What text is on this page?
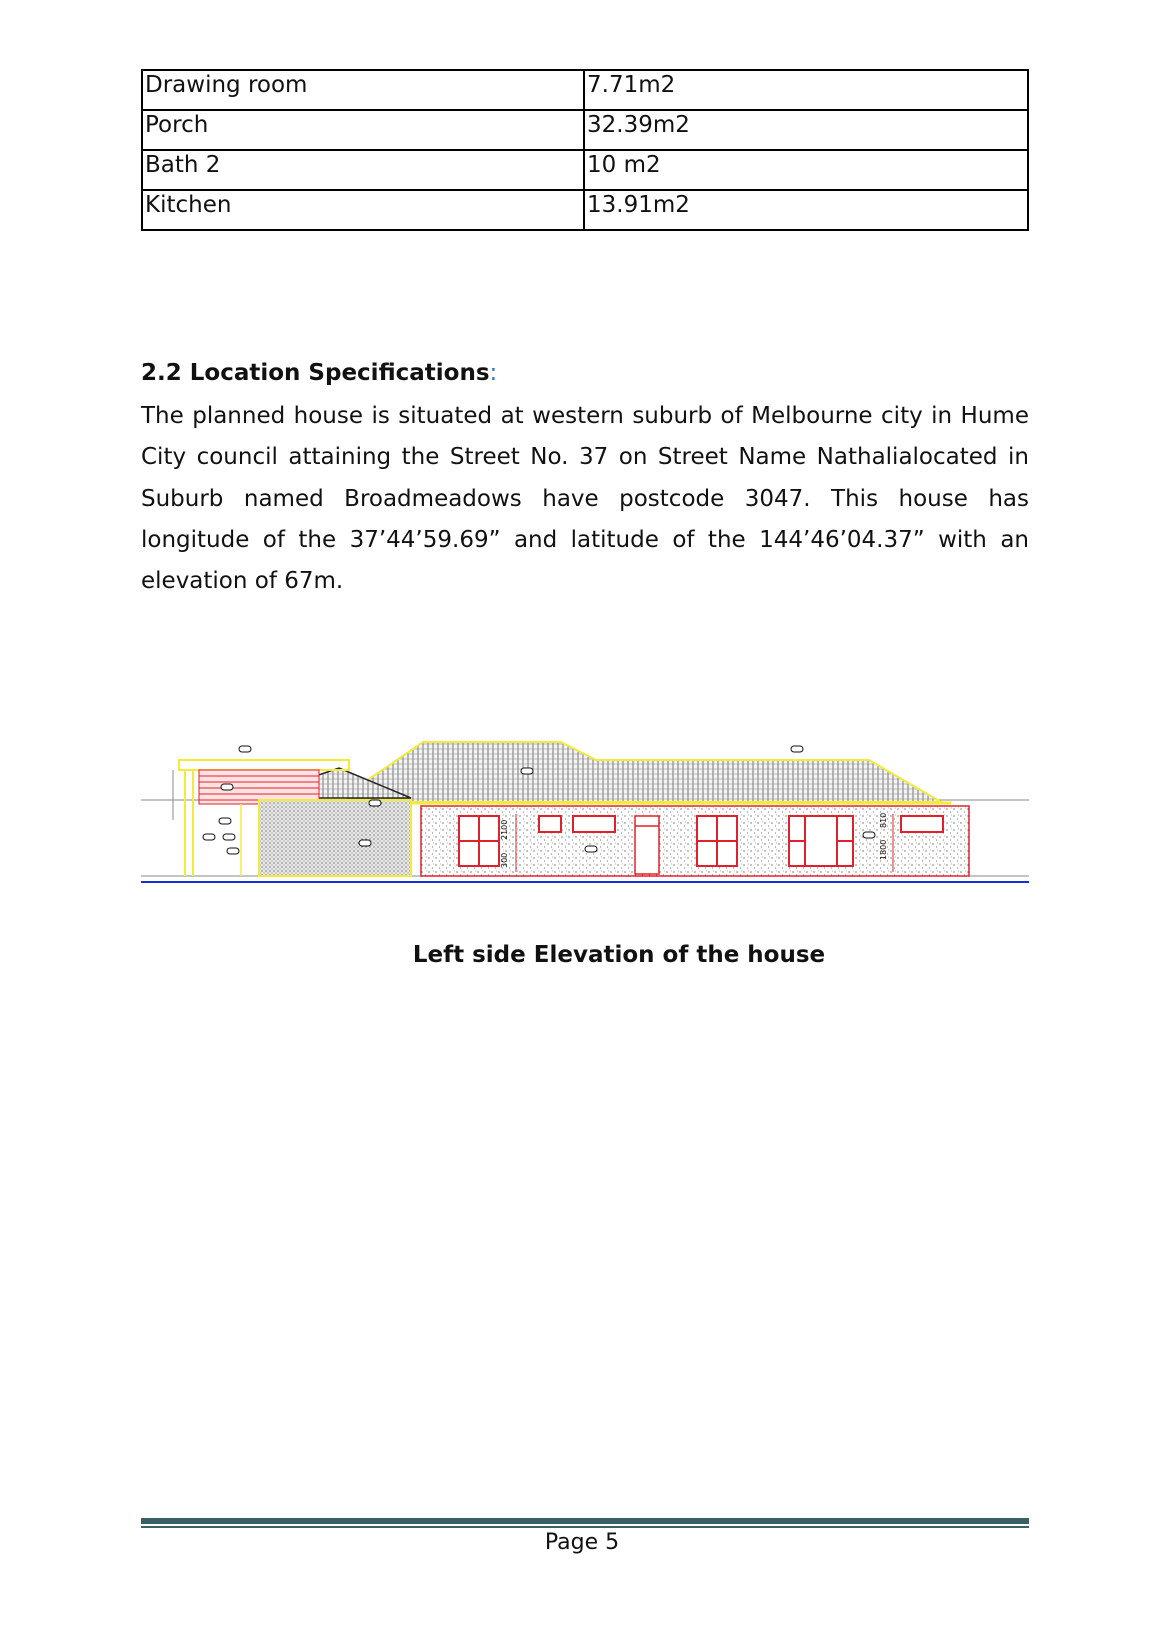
Drawing room	7.71m2
Porch	32.39m2
Bath 2	10 m2
Kitchen	13.91m2
2.2 Location Specifications:

The planned house is situated at western suburb of Melbourne city in Hume City council attaining the Street No. 37 on Street Name Nathalialocated in Suburb named Broadmeadows have postcode 3047. This house has longitude of the 37’44’59.69” and latitude of the 144’46’04.37” with an elevation of 67m.

2100
300
810
1800

Left side Elevation of the house

Page 5
